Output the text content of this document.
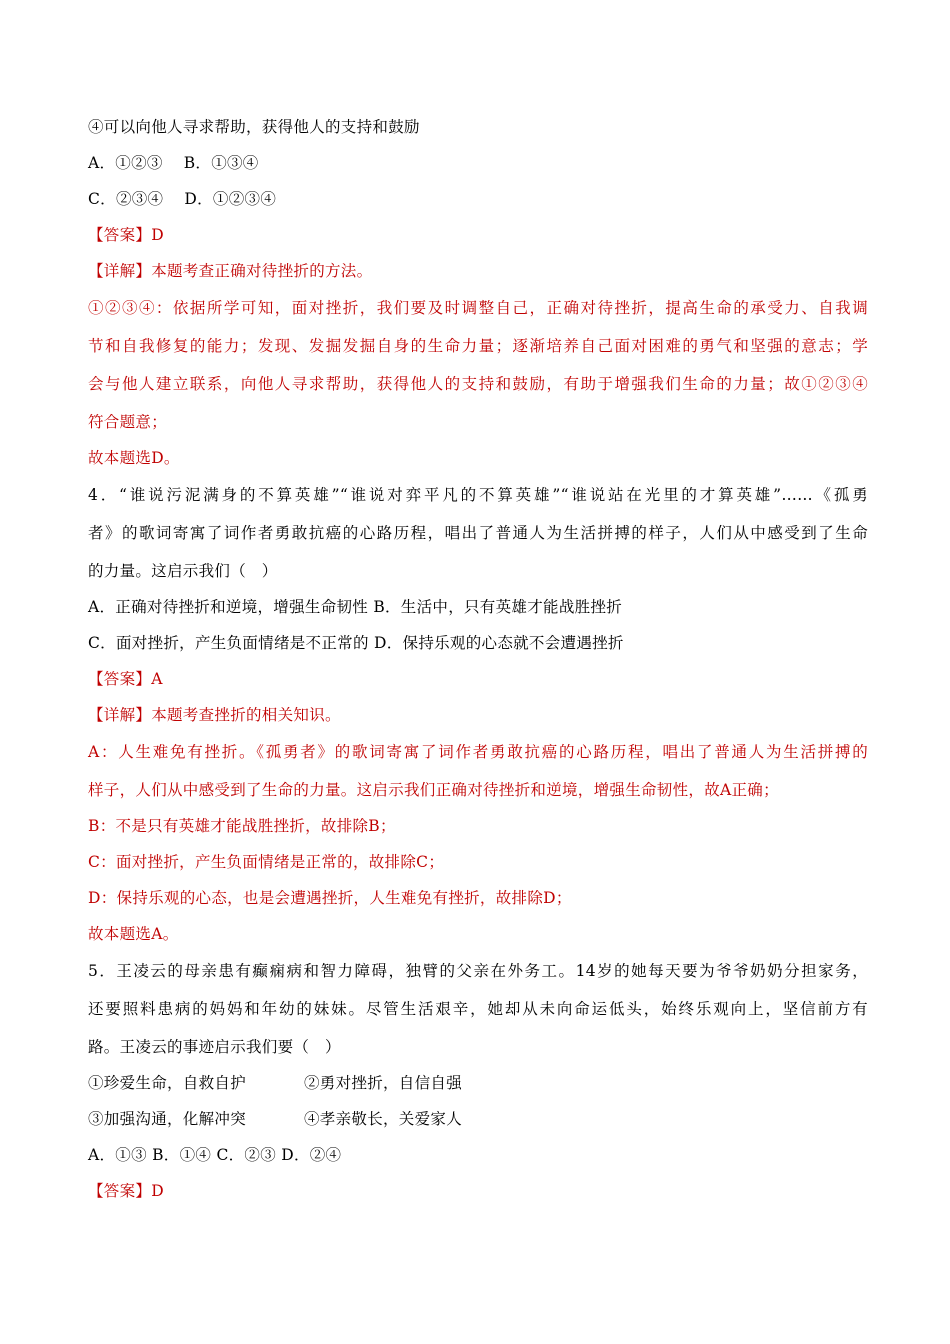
④可以向他人寻求帮助，获得他人的支持和鼓励
A．①②③　 B．①③④
C．②③④　 D．①②③④
【答案】D
【详解】本题考查正确对待挫折的方法。
①②③④：依据所学可知，面对挫折，我们要及时调整自己，正确对待挫折，提高生命的承受力、自我调
节和自我修复的能力；发现、发掘发掘自身的生命力量；逐渐培养自己面对困难的勇气和坚强的意志；学
会与他人建立联系，向他人寻求帮助，获得他人的支持和鼓励，有助于增强我们生命的力量；故①②③④
符合题意；
故本题选D。
4．“谁说污泥满身的不算英雄”“谁说对弈平凡的不算英雄”“谁说站在光里的才算英雄”……《孤勇
者》的歌词寄寓了词作者勇敢抗癌的心路历程，唱出了普通人为生活拼搏的样子，人们从中感受到了生命
的力量。这启示我们（　）
A．正确对待挫折和逆境，增强生命韧性 B．生活中，只有英雄才能战胜挫折
C．面对挫折，产生负面情绪是不正常的 D．保持乐观的心态就不会遭遇挫折
【答案】A
【详解】本题考查挫折的相关知识。
A：人生难免有挫折。《孤勇者》的歌词寄寓了词作者勇敢抗癌的心路历程，唱出了普通人为生活拼搏的
样子，人们从中感受到了生命的力量。这启示我们正确对待挫折和逆境，增强生命韧性，故A正确；
B：不是只有英雄才能战胜挫折，故排除B；
C：面对挫折，产生负面情绪是正常的，故排除C；
D：保持乐观的心态，也是会遭遇挫折，人生难免有挫折，故排除D；
故本题选A。
5．王凌云的母亲患有癫痫病和智力障碍，独臂的父亲在外务工。14岁的她每天要为爷爷奶奶分担家务，
还要照料患病的妈妈和年幼的妹妹。尽管生活艰辛，她却从未向命运低头，始终乐观向上，坚信前方有
路。王凌云的事迹启示我们要（　）
①珍爱生命，自救自护	②勇对挫折，自信自强
③加强沟通，化解冲突	④孝亲敬长，关爱家人
A．①③ B．①④ C．②③ D．②④
【答案】D
